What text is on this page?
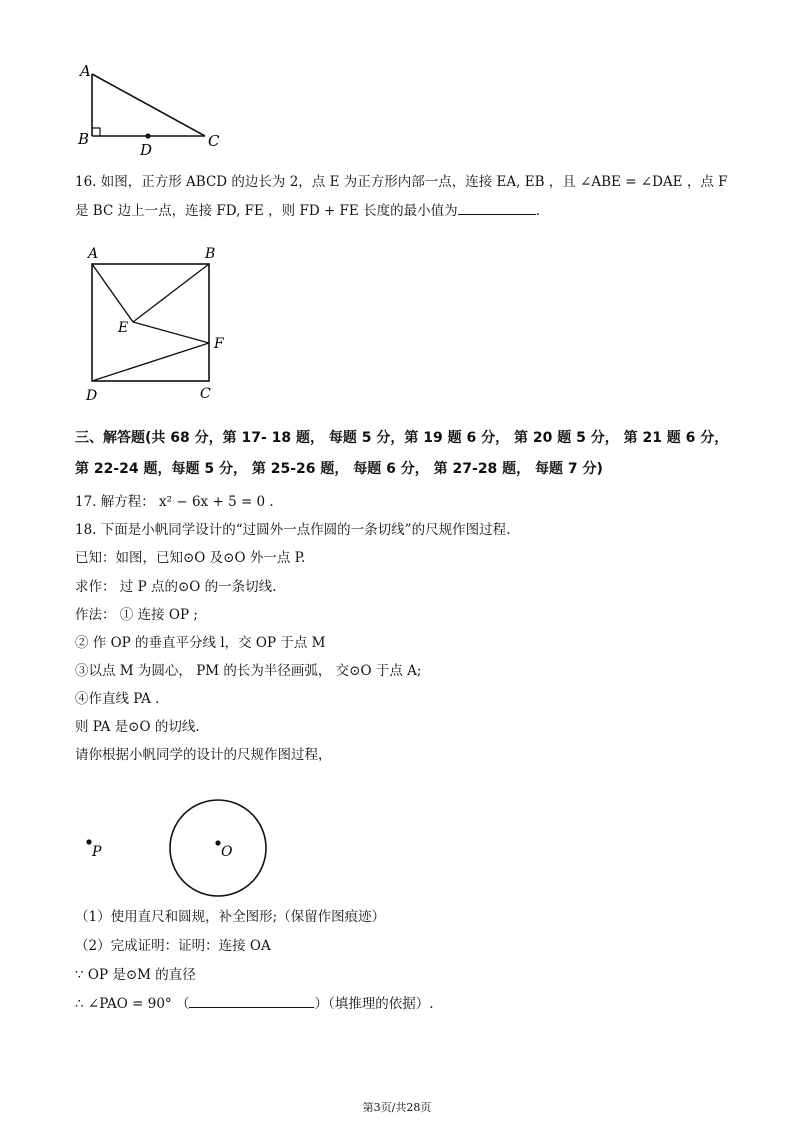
A
B	C
D
16. 如图，正方形 ABCD 的边长为 2，点 E 为正方形内部一点，连接 EA, EB ，且 ∠ABE = ∠DAE ，点 F
是 BC 边上一点，连接 FD, FE ，则 FD + FE 长度的最小值为	.
A	B
C
D
E
F
三、解答题(共 68 分，第 17- 18 题， 每题 5 分，第 19 题 6 分， 第 20 题 5 分， 第 21 题 6 分，
第 22-24 题，每题 5 分， 第 25-26 题， 每题 6 分， 第 27-28 题， 每题 7 分)
17. 解方程： x² − 6x + 5 = 0 .
18. 下面是小帆同学设计的“过圆外一点作圆的一条切线”的尺规作图过程.
已知：如图，已知⊙O 及⊙O 外一点 P.
求作： 过 P 点的⊙O 的一条切线.
作法： ① 连接 OP ;
② 作 OP 的垂直平分线 l，交 OP 于点 M
③以点 M 为圆心， PM 的长为半径画弧， 交⊙O 于点 A;
④作直线 PA .
则 PA 是⊙O 的切线.
请你根据小帆同学的设计的尺规作图过程，
P	O
（1）使用直尺和圆规，补全图形;（保留作图痕迹）
（2）完成证明：证明：连接 OA
∵ OP 是⊙M 的直径
∴ ∠PAO = 90° （	）（填推理的依据）.
第3页/共28页
